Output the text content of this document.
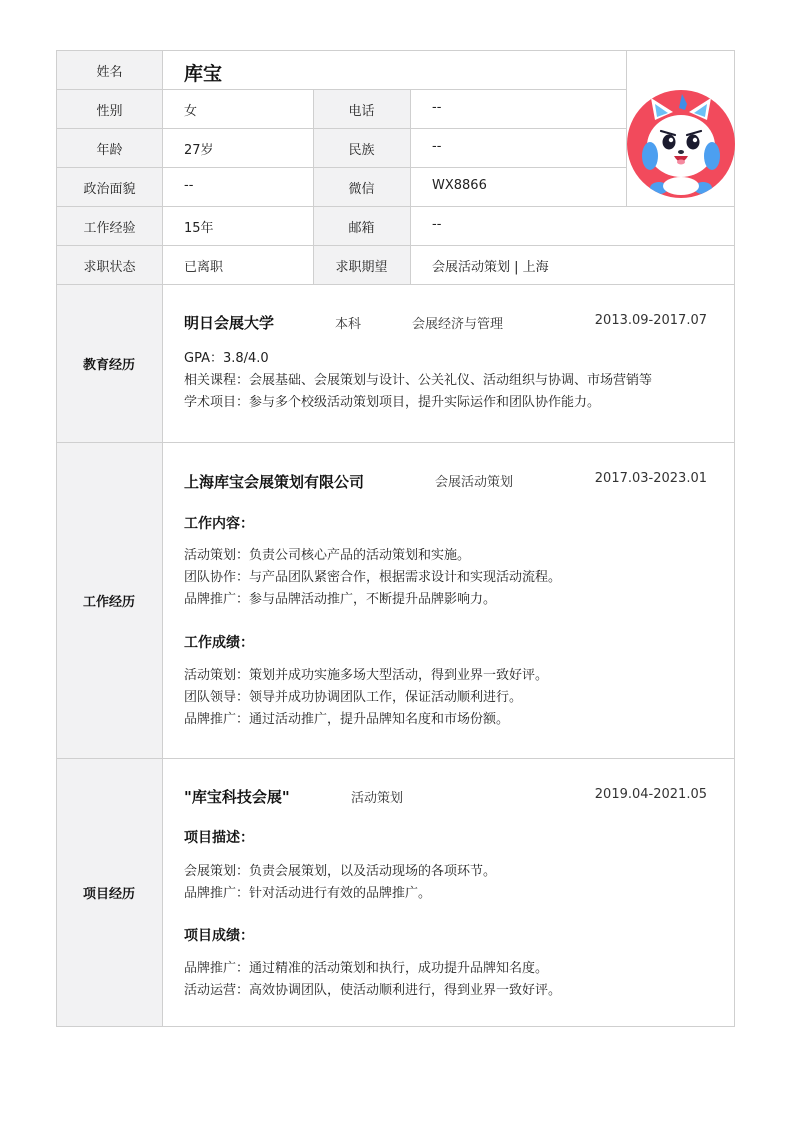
姓名	库宝
性别	女	电话	--
年龄	27岁	民族	--
政治面貌	--	微信	WX8866
工作经验	15年	邮箱	--
求职状态	已离职	求职期望	会展活动策划 | 上海
教育经历
明日会展大学	本科	会展经济与管理	2013.09-2017.07
GPA：3.8/4.0
相关课程：会展基础、会展策划与设计、公关礼仪、活动组织与协调、市场营销等
学术项目：参与多个校级活动策划项目，提升实际运作和团队协作能力。
工作经历
上海库宝会展策划有限公司	会展活动策划	2017.03-2023.01
工作内容：
活动策划：负责公司核心产品的活动策划和实施。
团队协作：与产品团队紧密合作，根据需求设计和实现活动流程。
品牌推广：参与品牌活动推广，不断提升品牌影响力。
工作成绩：
活动策划：策划并成功实施多场大型活动，得到业界一致好评。
团队领导：领导并成功协调团队工作，保证活动顺利进行。
品牌推广：通过活动推广，提升品牌知名度和市场份额。
项目经历
"库宝科技会展"	活动策划	2019.04-2021.05
项目描述：
会展策划：负责会展策划，以及活动现场的各项环节。
品牌推广：针对活动进行有效的品牌推广。
项目成绩：
品牌推广：通过精准的活动策划和执行，成功提升品牌知名度。
活动运营：高效协调团队，使活动顺利进行，得到业界一致好评。
